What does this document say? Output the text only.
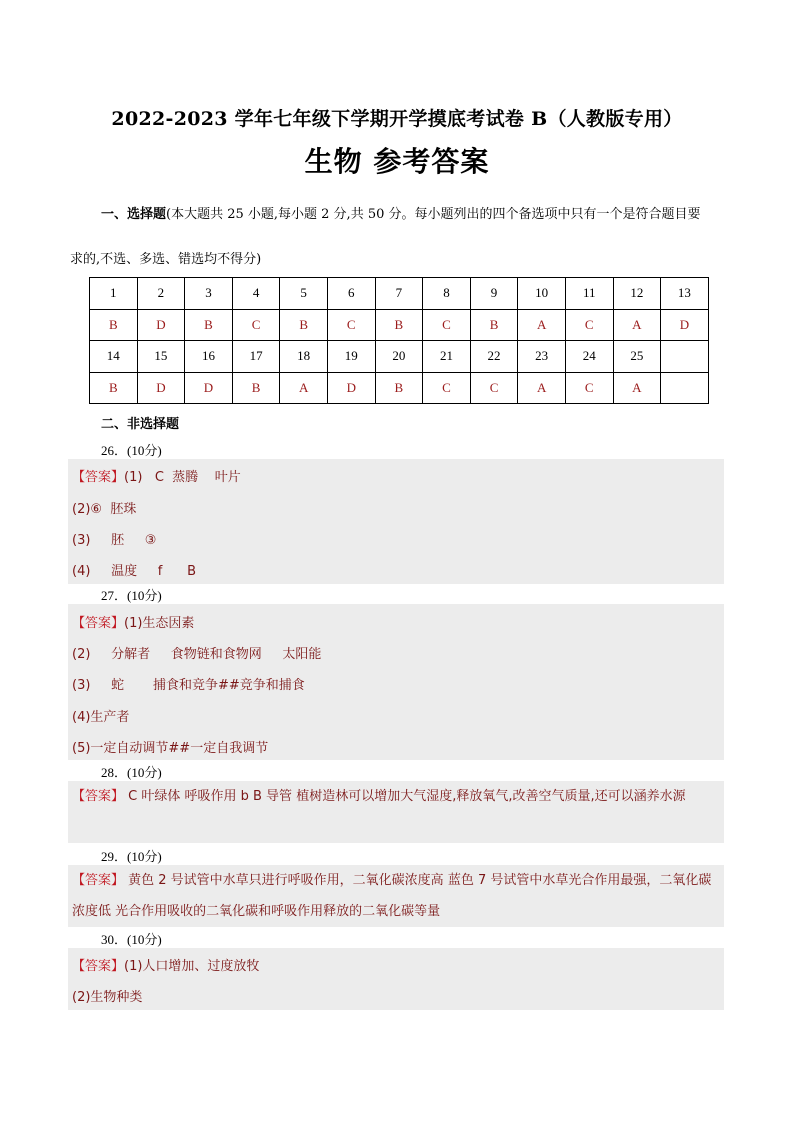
2022-2023 学年七年级下学期开学摸底考试卷 B（人教版专用）
生物 参考答案
一、选择题(本大题共 25 小题,每小题 2 分,共 50 分。每小题列出的四个备选项中只有一个是符合题目要
求的,不选、多选、错选均不得分)
1	2	3	4	5	6	7	8	9	10	11	12	13
B	D	B	C	B	C	B	C	B	A	C	A	D
14	15	16	17	18	19	20	21	22	23	24	25	
B	D	D	B	A	D	B	C	C	A	C	A	
二、非选择题
26．(10分)
【答案】(1)   C  蒸腾    叶片
(2)⑥  胚珠
(3)     胚     ③
(4)     温度     f      B
27．(10分)
【答案】(1)生态因素
(2)     分解者     食物链和食物网     太阳能
(3)     蛇       捕食和竞争##竞争和捕食
(4)生产者
(5)一定自动调节##一定自我调节
28．(10分)
【答案】 C 叶绿体 呼吸作用 b B 导管 植树造林可以增加大气湿度,释放氧气,改善空气质量,还可以涵养水源
29．(10分)
【答案】 黄色 2 号试管中水草只进行呼吸作用，二氧化碳浓度高 蓝色 7 号试管中水草光合作用最强，二氧化碳浓度低 光合作用吸收的二氧化碳和呼吸作用释放的二氧化碳等量
30．(10分)
【答案】(1)人口增加、过度放牧
(2)生物种类
